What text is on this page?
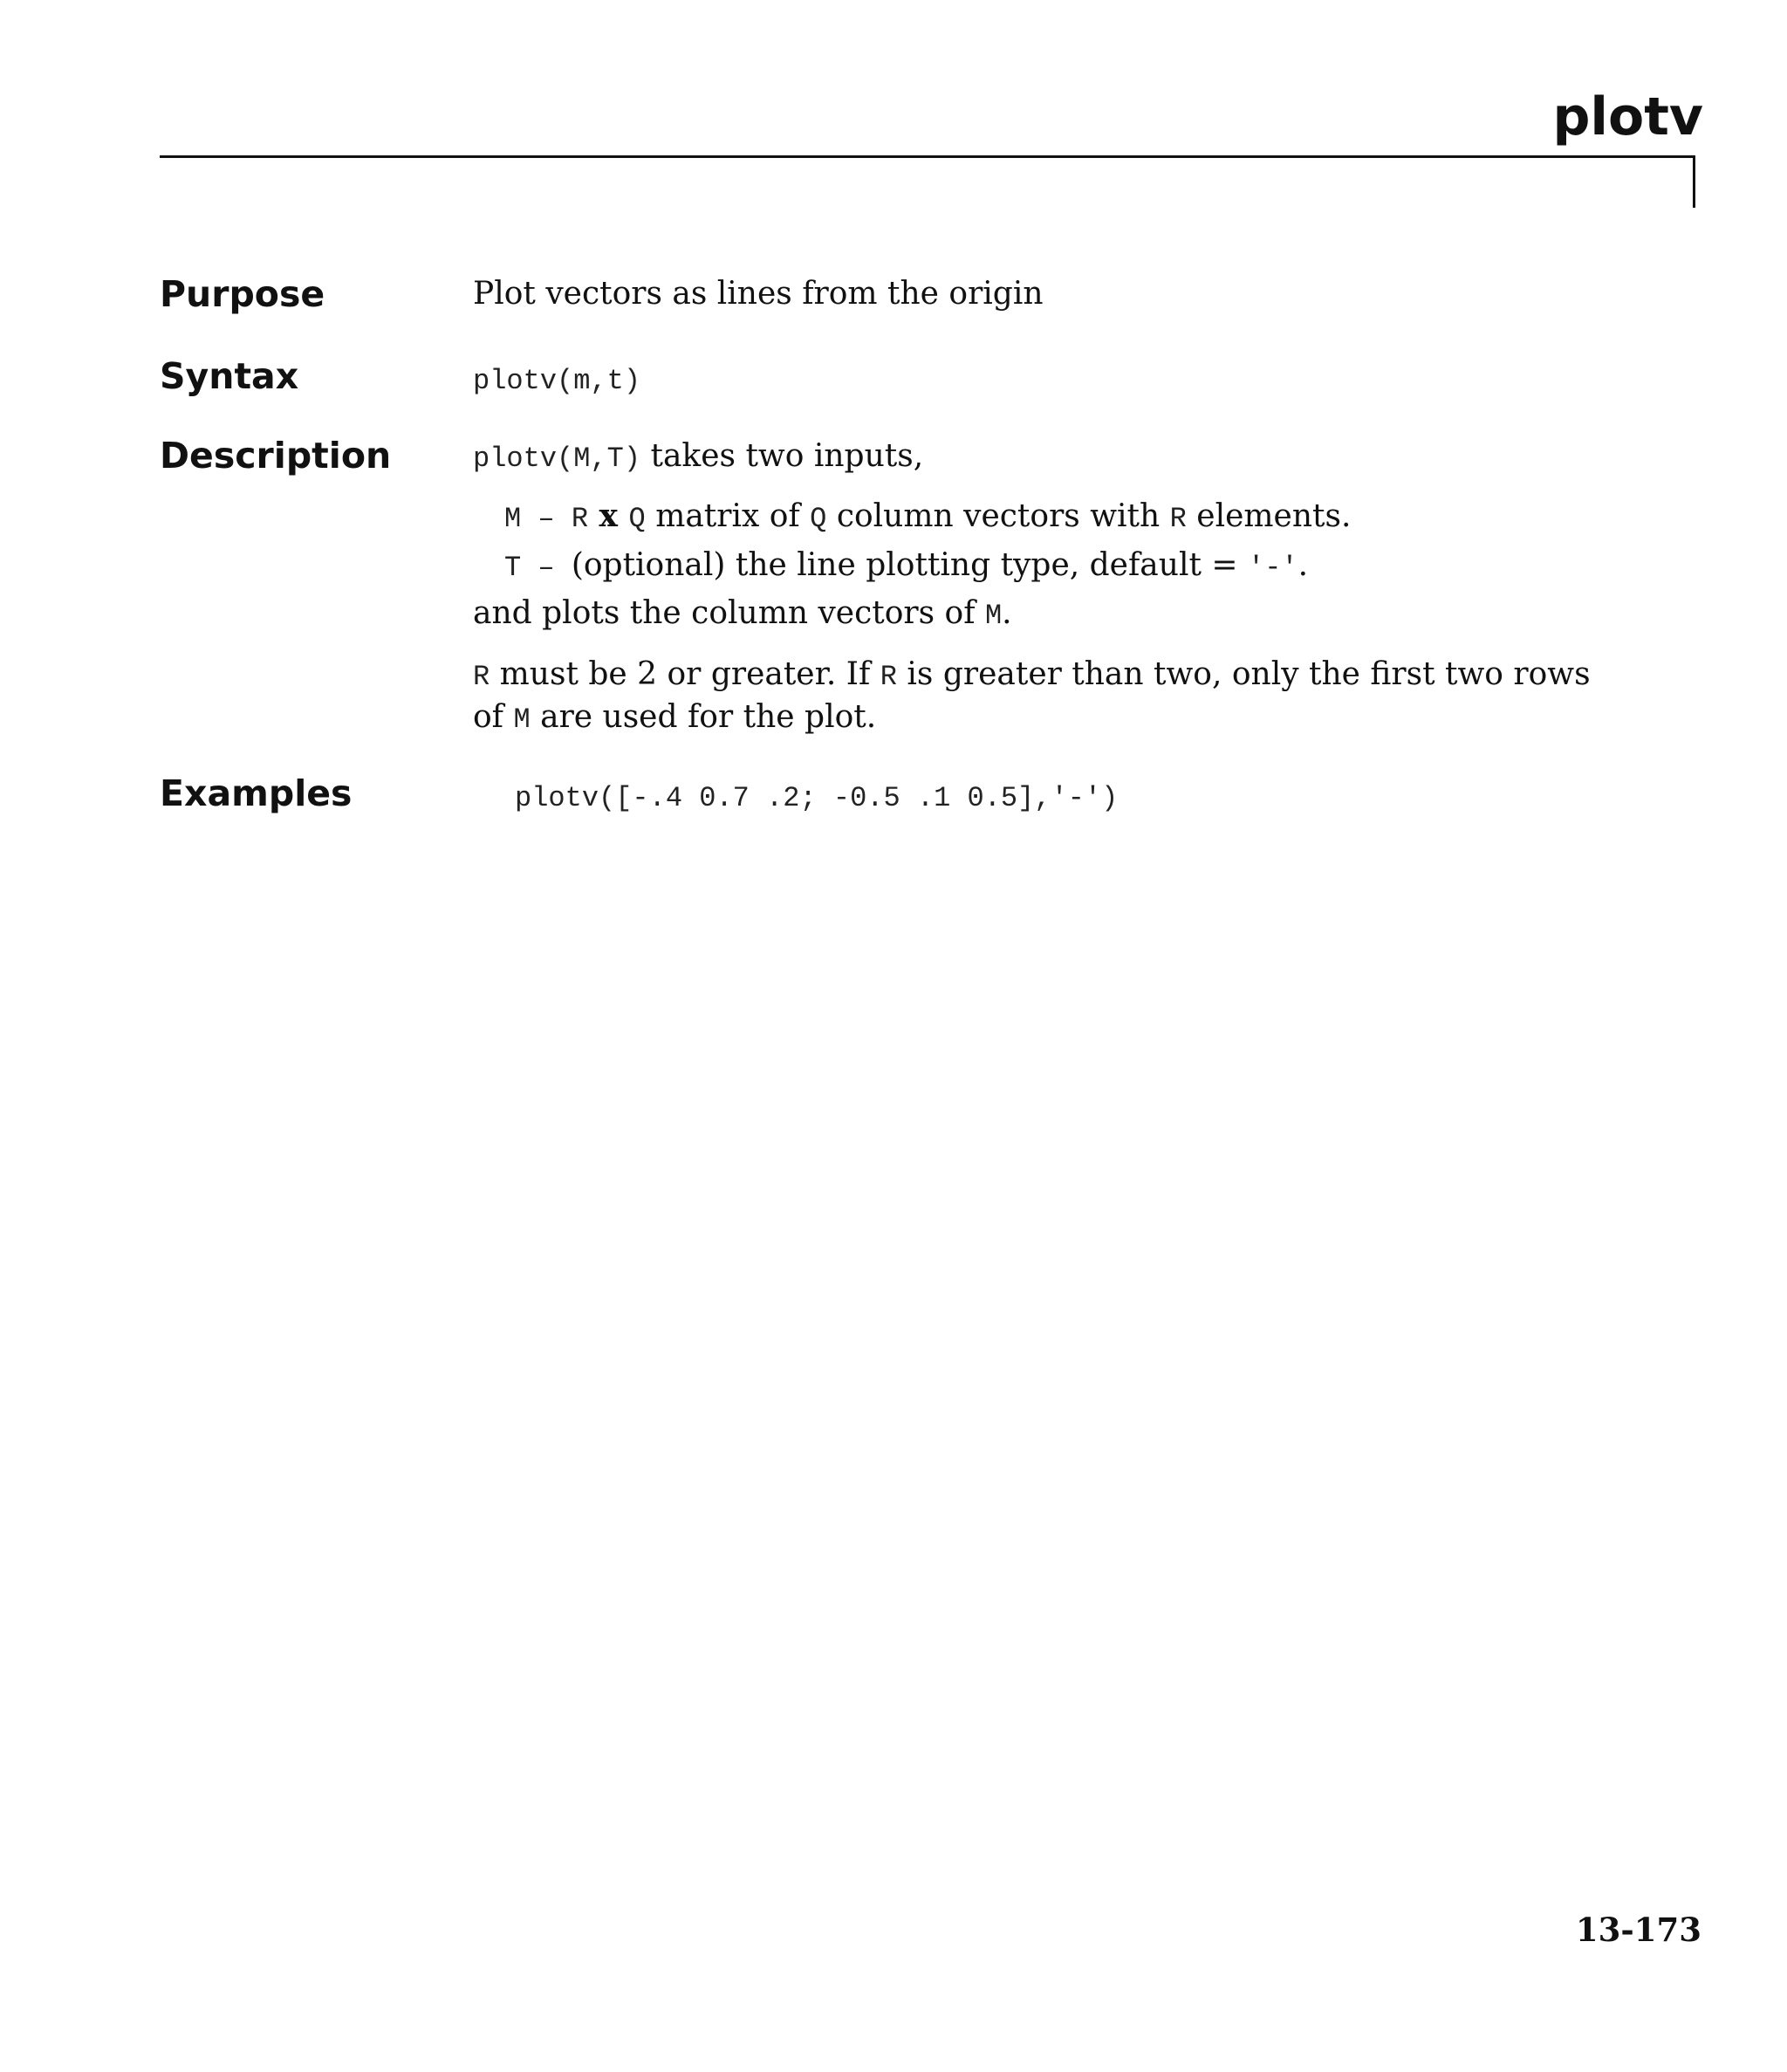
plotv
Purpose	Plot vectors as lines from the origin
Syntax	plotv(m,t)
Description	plotv(M,T) takes two inputs,
M – R x Q matrix of Q column vectors with R elements.
T – (optional) the line plotting type, default = '-'.
and plots the column vectors of M.
R must be 2 or greater. If R is greater than two, only the first two rows of M are used for the plot.
Examples	plotv([-.4 0.7 .2; -0.5 .1 0.5],'-')
13-173
